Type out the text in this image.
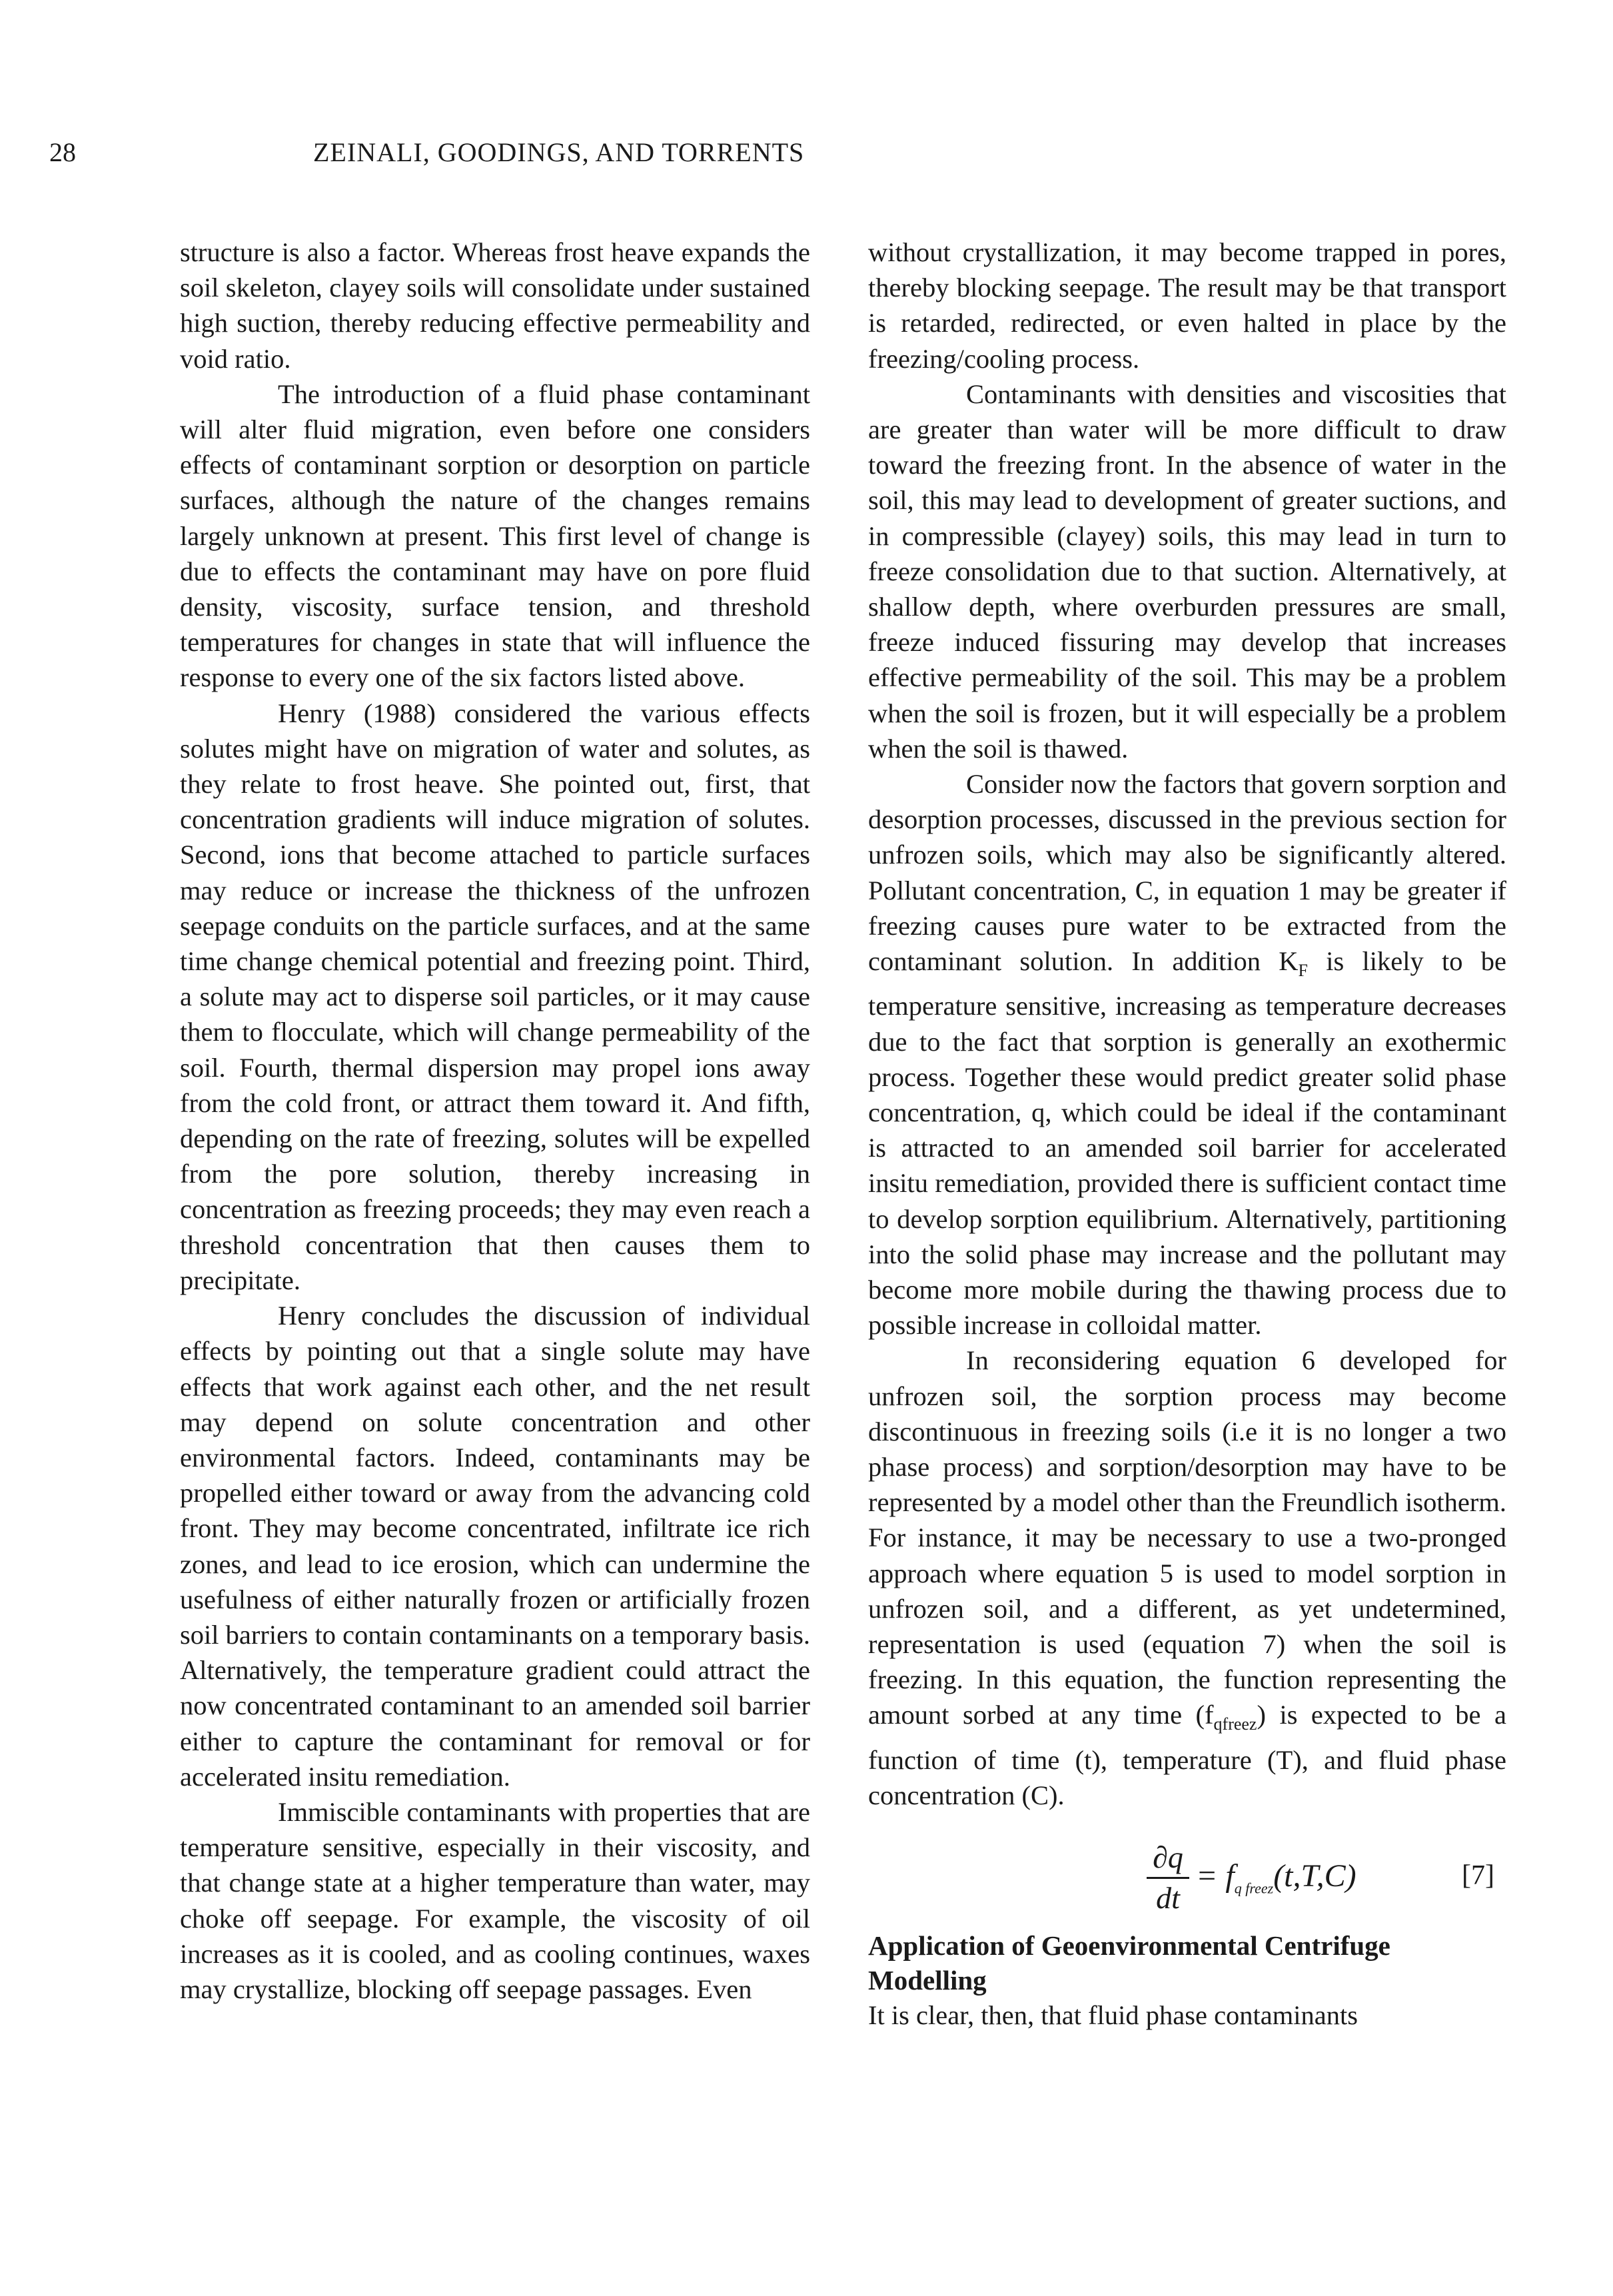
28	ZEINALI, GOODINGS, AND TORRENTS

structure is also a factor. Whereas frost heave expands the soil skeleton, clayey soils will consolidate under sustained high suction, thereby reducing effective permeability and void ratio.

The introduction of a fluid phase contaminant will alter fluid migration, even before one considers effects of contaminant sorption or desorption on particle surfaces, although the nature of the changes remains largely unknown at present. This first level of change is due to effects the contaminant may have on pore fluid density, viscosity, surface tension, and threshold temperatures for changes in state that will influence the response to every one of the six factors listed above.

Henry (1988) considered the various effects solutes might have on migration of water and solutes, as they relate to frost heave. She pointed out, first, that concentration gradients will induce migration of solutes. Second, ions that become attached to particle surfaces may reduce or increase the thickness of the unfrozen seepage conduits on the particle surfaces, and at the same time change chemical potential and freezing point. Third, a solute may act to disperse soil particles, or it may cause them to flocculate, which will change permeability of the soil. Fourth, thermal dispersion may propel ions away from the cold front, or attract them toward it. And fifth, depending on the rate of freezing, solutes will be expelled from the pore solution, thereby increasing in concentration as freezing proceeds; they may even reach a threshold concentration that then causes them to precipitate.

Henry concludes the discussion of individual effects by pointing out that a single solute may have effects that work against each other, and the net result may depend on solute concentration and other environmental factors. Indeed, contaminants may be propelled either toward or away from the advancing cold front. They may become concentrated, infiltrate ice rich zones, and lead to ice erosion, which can undermine the usefulness of either naturally frozen or artificially frozen soil barriers to contain contaminants on a temporary basis. Alternatively, the temperature gradient could attract the now concentrated contaminant to an amended soil barrier either to capture the contaminant for removal or for accelerated insitu remediation.

Immiscible contaminants with properties that are temperature sensitive, especially in their viscosity, and that change state at a higher temperature than water, may choke off seepage. For example, the viscosity of oil increases as it is cooled, and as cooling continues, waxes may crystallize, blocking off seepage passages. Even

without crystallization, it may become trapped in pores, thereby blocking seepage. The result may be that transport is retarded, redirected, or even halted in place by the freezing/cooling process.

Contaminants with densities and viscosities that are greater than water will be more difficult to draw toward the freezing front. In the absence of water in the soil, this may lead to development of greater suctions, and in compressible (clayey) soils, this may lead in turn to freeze consolidation due to that suction. Alternatively, at shallow depth, where overburden pressures are small, freeze induced fissuring may develop that increases effective permeability of the soil. This may be a problem when the soil is frozen, but it will especially be a problem when the soil is thawed.

Consider now the factors that govern sorption and desorption processes, discussed in the previous section for unfrozen soils, which may also be significantly altered. Pollutant concentration, C, in equation 1 may be greater if freezing causes pure water to be extracted from the contaminant solution. In addition $K_F$ is likely to be temperature sensitive, increasing as temperature decreases due to the fact that sorption is generally an exothermic process. Together these would predict greater solid phase concentration, q, which could be ideal if the contaminant is attracted to an amended soil barrier for accelerated insitu remediation, provided there is sufficient contact time to develop sorption equilibrium. Alternatively, partitioning into the solid phase may increase and the pollutant may become more mobile during the thawing process due to possible increase in colloidal matter.

In reconsidering equation 6 developed for unfrozen soil, the sorption process may become discontinuous in freezing soils (i.e it is no longer a two phase process) and sorption/desorption may have to be represented by a model other than the Freundlich isotherm. For instance, it may be necessary to use a two-pronged approach where equation 5 is used to model sorption in unfrozen soil, and a different, as yet undetermined, representation is used (equation 7) when the soil is freezing. In this equation, the function representing the amount sorbed at any time $(f_{qfreez})$ is expected to be a function of time (t), temperature (T), and fluid phase concentration (C).

$\frac{\partial q}{dt} = f_{q freez}(t,T,C)$	[7]

Application of Geoenvironmental Centrifuge Modelling

It is clear, then, that fluid phase contaminants
